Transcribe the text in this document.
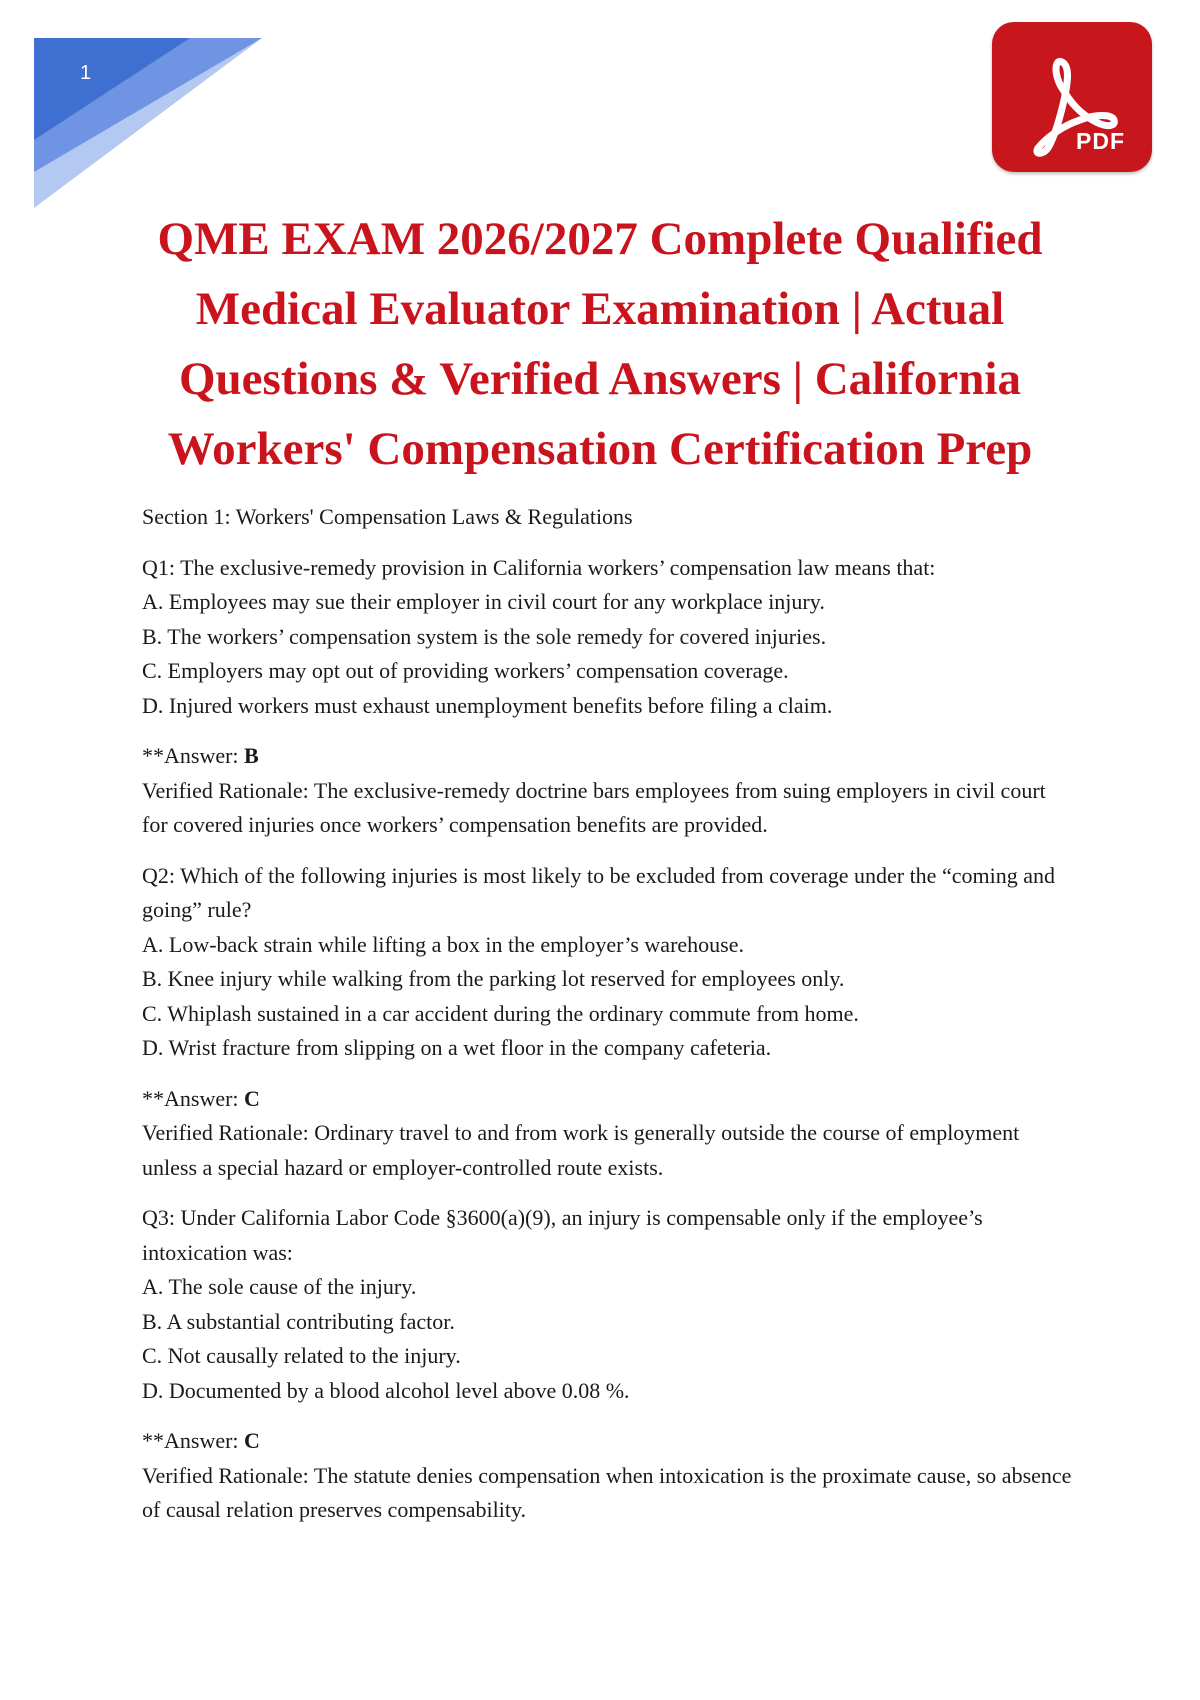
1
PDF
QME EXAM 2026/2027 Complete Qualified Medical Evaluator Examination | Actual Questions & Verified Answers | California Workers' Compensation Certification Prep

Section 1: Workers' Compensation Laws & Regulations

Q1: The exclusive-remedy provision in California workers’ compensation law means that:

A. Employees may sue their employer in civil court for any workplace injury.

B. The workers’ compensation system is the sole remedy for covered injuries.

C. Employers may opt out of providing workers’ compensation coverage.

D. Injured workers must exhaust unemployment benefits before filing a claim.

**Answer: B

Verified Rationale: The exclusive-remedy doctrine bars employees from suing employers in civil court for covered injuries once workers’ compensation benefits are provided.

Q2: Which of the following injuries is most likely to be excluded from coverage under the “coming and going” rule?

A. Low-back strain while lifting a box in the employer’s warehouse.

B. Knee injury while walking from the parking lot reserved for employees only.

C. Whiplash sustained in a car accident during the ordinary commute from home.

D. Wrist fracture from slipping on a wet floor in the company cafeteria.

**Answer: C

Verified Rationale: Ordinary travel to and from work is generally outside the course of employment unless a special hazard or employer-controlled route exists.

Q3: Under California Labor Code §3600(a)(9), an injury is compensable only if the employee’s intoxication was:

A. The sole cause of the injury.

B. A substantial contributing factor.

C. Not causally related to the injury.

D. Documented by a blood alcohol level above 0.08 %.

**Answer: C

Verified Rationale: The statute denies compensation when intoxication is the proximate cause, so absence of causal relation preserves compensability.
